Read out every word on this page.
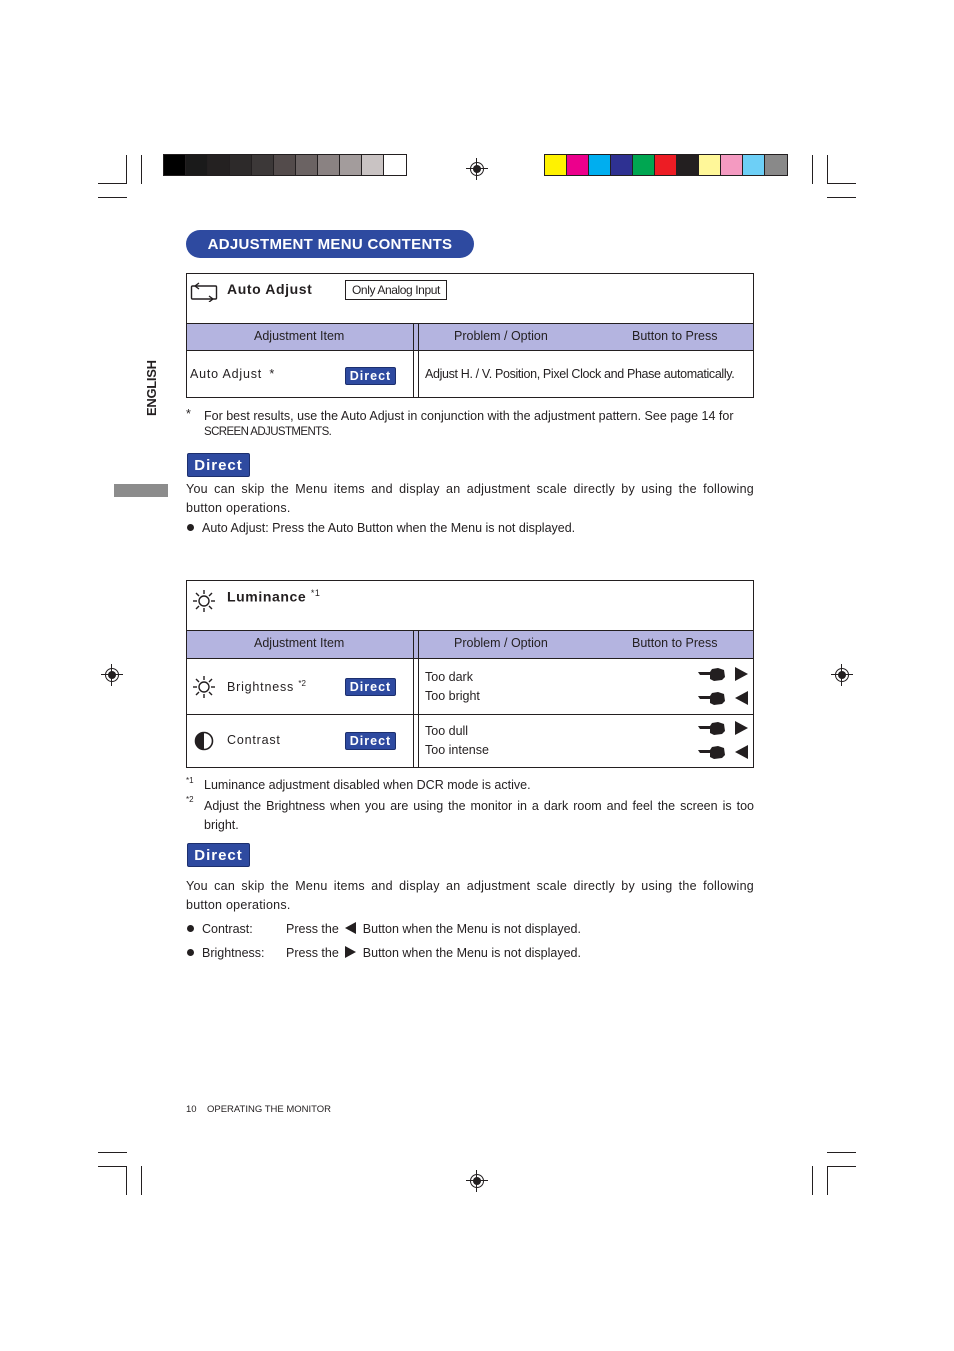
ADJUSTMENT MENU CONTENTS
ENGLISH
Auto Adjust	Only Analog Input
Adjustment Item	Problem / Option	Button to Press
Auto Adjust *	Direct	Adjust H. / V. Position, Pixel Clock and Phase automatically.
* For best results, use the Auto Adjust in conjunction with the adjustment pattern. See page 14 for
SCREEN ADJUSTMENTS.
Direct
You can skip the Menu items and display an adjustment scale directly by using the following button operations.
Auto Adjust: Press the Auto Button when the Menu is not displayed.
Luminance $^{*1}$
Adjustment Item	Problem / Option	Button to Press
Brightness $^{*2}$	Direct
Too dark
Too bright
Contrast	Direct
Too dull
Too intense
*1 Luminance adjustment disabled when DCR mode is active.
*2 Adjust the Brightness when you are using the monitor in a dark room and feel the screen is too bright.
Direct
You can skip the Menu items and display an adjustment scale directly by using the following button operations.
Contrast:	Press the Button when the Menu is not displayed.
Brightness: Press the Button when the Menu is not displayed.
10 OPERATING THE MONITOR
